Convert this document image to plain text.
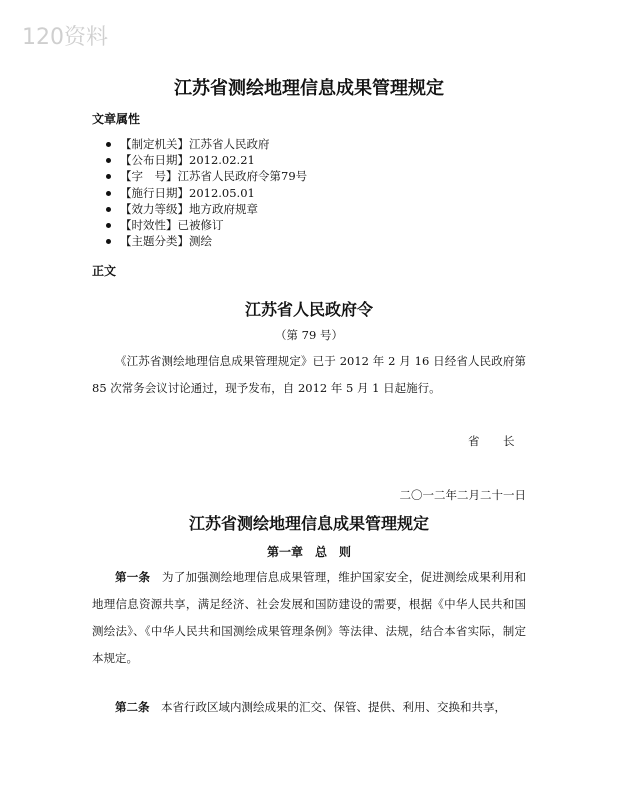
120资料
江苏省测绘地理信息成果管理规定
文章属性
【制定机关】江苏省人民政府
【公布日期】2012.02.21
【字　号】江苏省人民政府令第79号
【施行日期】2012.05.01
【效力等级】地方政府规章
【时效性】已被修订
【主题分类】测绘
正文
江苏省人民政府令
（第 79 号）
《江苏省测绘地理信息成果管理规定》已于 2012 年 2 月 16 日经省人民政府第 85 次常务会议讨论通过，现予发布，自 2012 年 5 月 1 日起施行。
省　长
二〇一二年二月二十一日
江苏省测绘地理信息成果管理规定
第一章　总　则
第一条　 为了加强测绘地理信息成果管理，维护国家安全，促进测绘成果利用和地理信息资源共享，满足经济、社会发展和国防建设的需要，根据《中华人民共和国测绘法》、《中华人民共和国测绘成果管理条例》等法律、法规，结合本省实际，制定本规定。
第二条　 本省行政区域内测绘成果的汇交、保管、提供、利用、交换和共享，
